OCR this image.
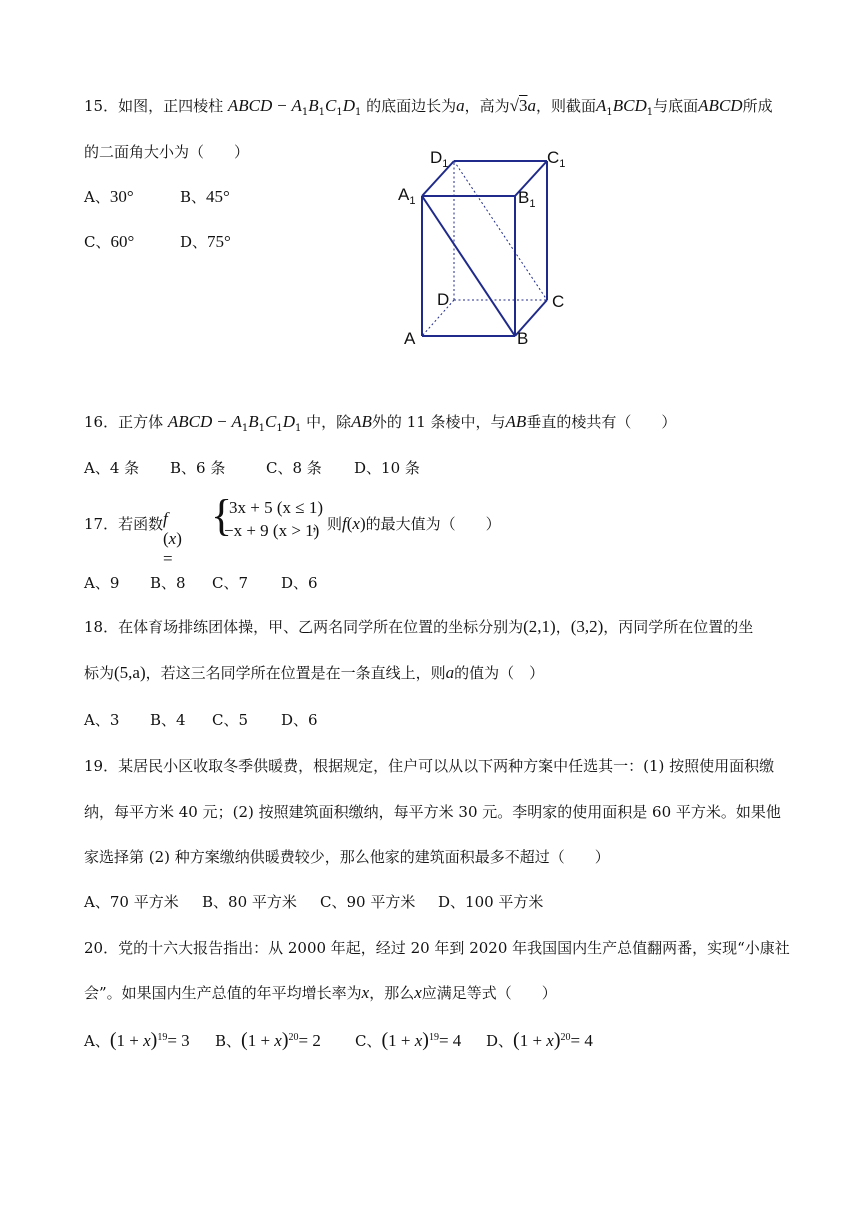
15．如图，正四棱柱 ABCD − $A_1B_1C_1D_1$ 的底面边长为a，高为√3a，则截面$A_1BCD_1$与底面ABCD所成
的二面角大小为（　　）
A、30°	B、45°
C、60°	D、75°
$D_1$	$C_1$
$A_1$	$B_1$
D	C
A	B
16．正方体 ABCD − $A_1B_1C_1D_1$ 中，除AB外的 11 条棱中，与AB垂直的棱共有（　　）
A、4 条 B、6 条	C、8 条 D、10 条
17．若函数 f (x) =
{
3x + 5 (x ≤ 1)
−x + 9 (x > 1)
，则f(x)的最大值为（　　）
A、9 B、8 C、7 D、6
18．在体育场排练团体操，甲、乙两名同学所在位置的坐标分别为(2,1)，(3,2)，丙同学所在位置的坐
标为(5,a)，若这三名同学所在位置是在一条直线上，则a的值为（　）
A、3 B、4 C、5 D、6
19．某居民小区收取冬季供暖费，根据规定，住户可以从以下两种方案中任选其一：(1) 按照使用面积缴
纳，每平方米 40 元；(2) 按照建筑面积缴纳，每平方米 30 元。李明家的使用面积是 60 平方米。如果他
家选择第 (2) 种方案缴纳供暖费较少，那么他家的建筑面积最多不超过（　　）
A、70 平方米 B、80 平方米 C、90 平方米 D、100 平方米
20．党的十六大报告指出：从 2000 年起，经过 20 年到 2020 年我国国内生产总值翻两番，实现“小康社
会”。如果国内生产总值的年平均增长率为x，那么x应满足等式（　　）
A、$(1 + x)^{19}= 3$ B、$(1 + x)^{20}= 2$ C、$(1 + x)^{19}= 4$ D、$(1 + x)^{20}= 4$
